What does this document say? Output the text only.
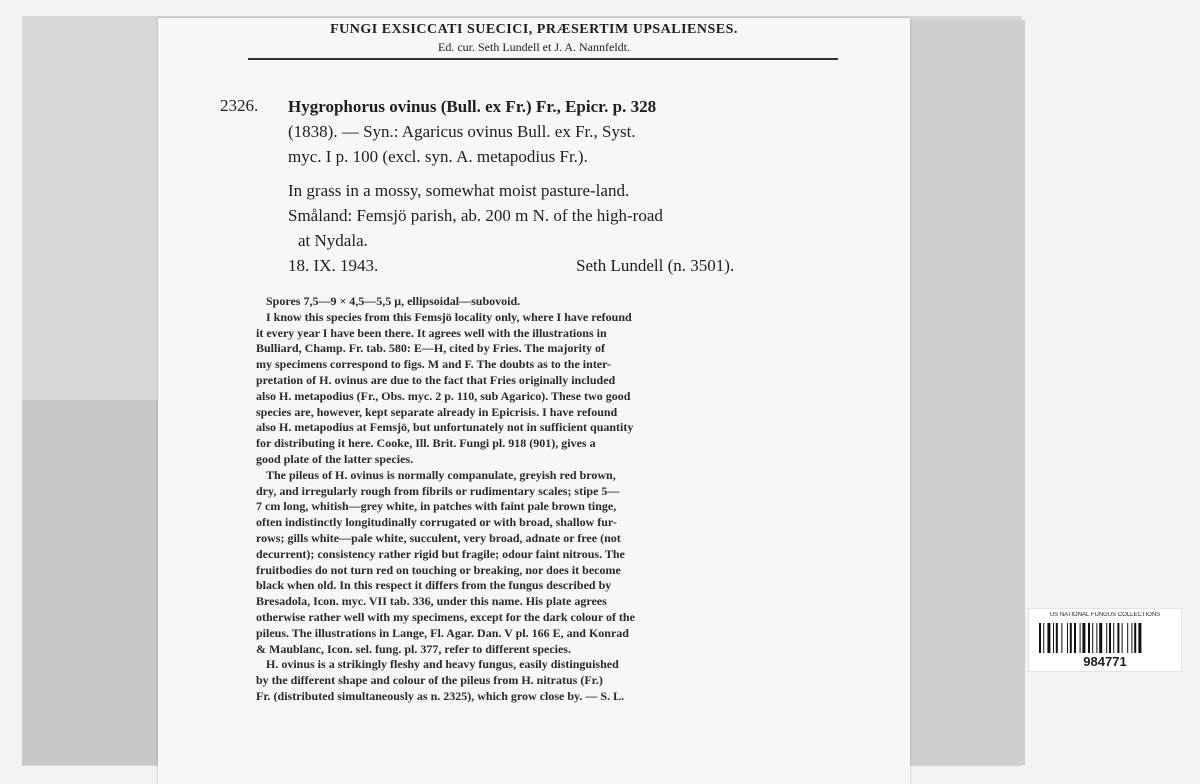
FUNGI EXSICCATI SUECICI, PRÆSERTIM UPSALIENSES.
Ed. cur. Seth Lundell et J. A. Nannfeldt.
2326. Hygrophorus ovinus (Bull. ex Fr.) Fr., Epicr. p. 328
(1838). — Syn.: Agaricus ovinus Bull. ex Fr., Syst.
myc. I p. 100 (excl. syn. A. metapodius Fr.).
In grass in a mossy, somewhat moist pasture-land.
Småland: Femsjö parish, ab. 200 m N. of the high-road
at Nydala.
18. IX. 1943.	Seth Lundell (n. 3501).
Spores 7,5—9 × 4,5—5,5 μ, ellipsoidal—subovoid.
I know this species from this Femsjö locality only, where I have refound
it every year I have been there. It agrees well with the illustrations in
Bulliard, Champ. Fr. tab. 580: E—H, cited by Fries. The majority of
my specimens correspond to figs. M and F. The doubts as to the inter-
pretation of H. ovinus are due to the fact that Fries originally included
also H. metapodius (Fr., Obs. myc. 2 p. 110, sub Agarico). These two good
species are, however, kept separate already in Epicrisis. I have refound
also H. metapodius at Femsjö, but unfortunately not in sufficient quantity
for distributing it here. Cooke, Ill. Brit. Fungi pl. 918 (901), gives a
good plate of the latter species.
The pileus of H. ovinus is normally companulate, greyish red brown,
dry, and irregularly rough from fibrils or rudimentary scales; stipe 5—
7 cm long, whitish—grey white, in patches with faint pale brown tinge,
often indistinctly longitudinally corrugated or with broad, shallow fur-
rows; gills white—pale white, succulent, very broad, adnate or free (not
decurrent); consistency rather rigid but fragile; odour faint nitrous. The
fruitbodies do not turn red on touching or breaking, nor does it become
black when old. In this respect it differs from the fungus described by
Bresadola, Icon. myc. VII tab. 336, under this name. His plate agrees
otherwise rather well with my specimens, except for the dark colour of the
pileus. The illustrations in Lange, Fl. Agar. Dan. V pl. 166 E, and Konrad
& Maublanc, Icon. sel. fung. pl. 377, refer to different species.
H. ovinus is a strikingly fleshy and heavy fungus, easily distinguished
by the different shape and colour of the pileus from H. nitratus (Fr.)
Fr. (distributed simultaneously as n. 2325), which grow close by. — S. L.
US NATIONAL FUNGUS COLLECTIONS
984771
